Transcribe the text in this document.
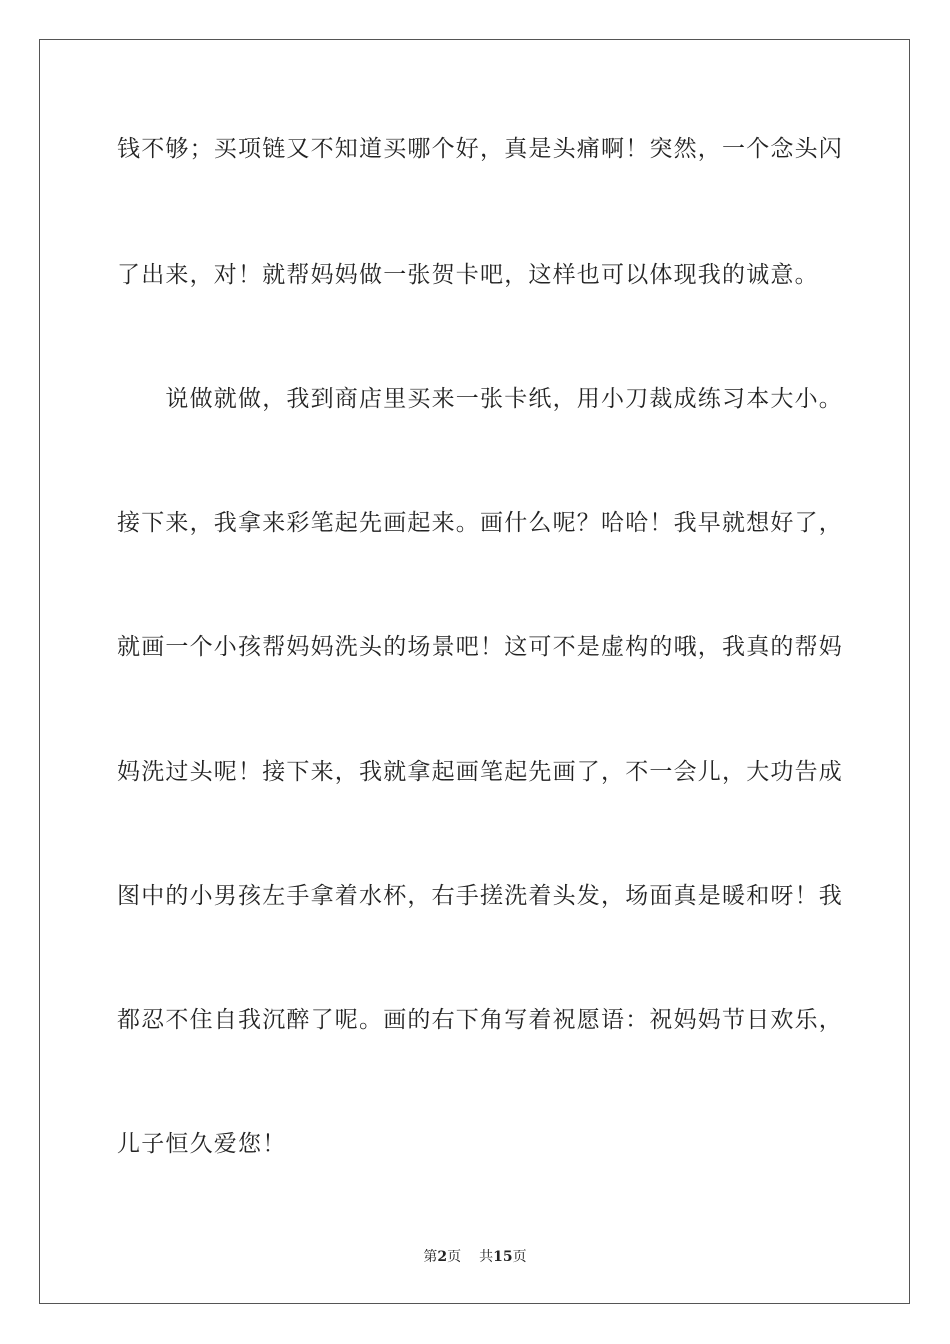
钱不够；买项链又不知道买哪个好，真是头痛啊！突然，一个念头闪
了出来，对！就帮妈妈做一张贺卡吧，这样也可以体现我的诚意。
　　说做就做，我到商店里买来一张卡纸，用小刀裁成练习本大小。
接下来，我拿来彩笔起先画起来。画什么呢？哈哈！我早就想好了，
就画一个小孩帮妈妈洗头的场景吧！这可不是虚构的哦，我真的帮妈
妈洗过头呢！接下来，我就拿起画笔起先画了，不一会儿，大功告成
图中的小男孩左手拿着水杯，右手搓洗着头发，场面真是暖和呀！我
都忍不住自我沉醉了呢。画的右下角写着祝愿语：祝妈妈节日欢乐，
儿子恒久爱您！
第2页 共15页
